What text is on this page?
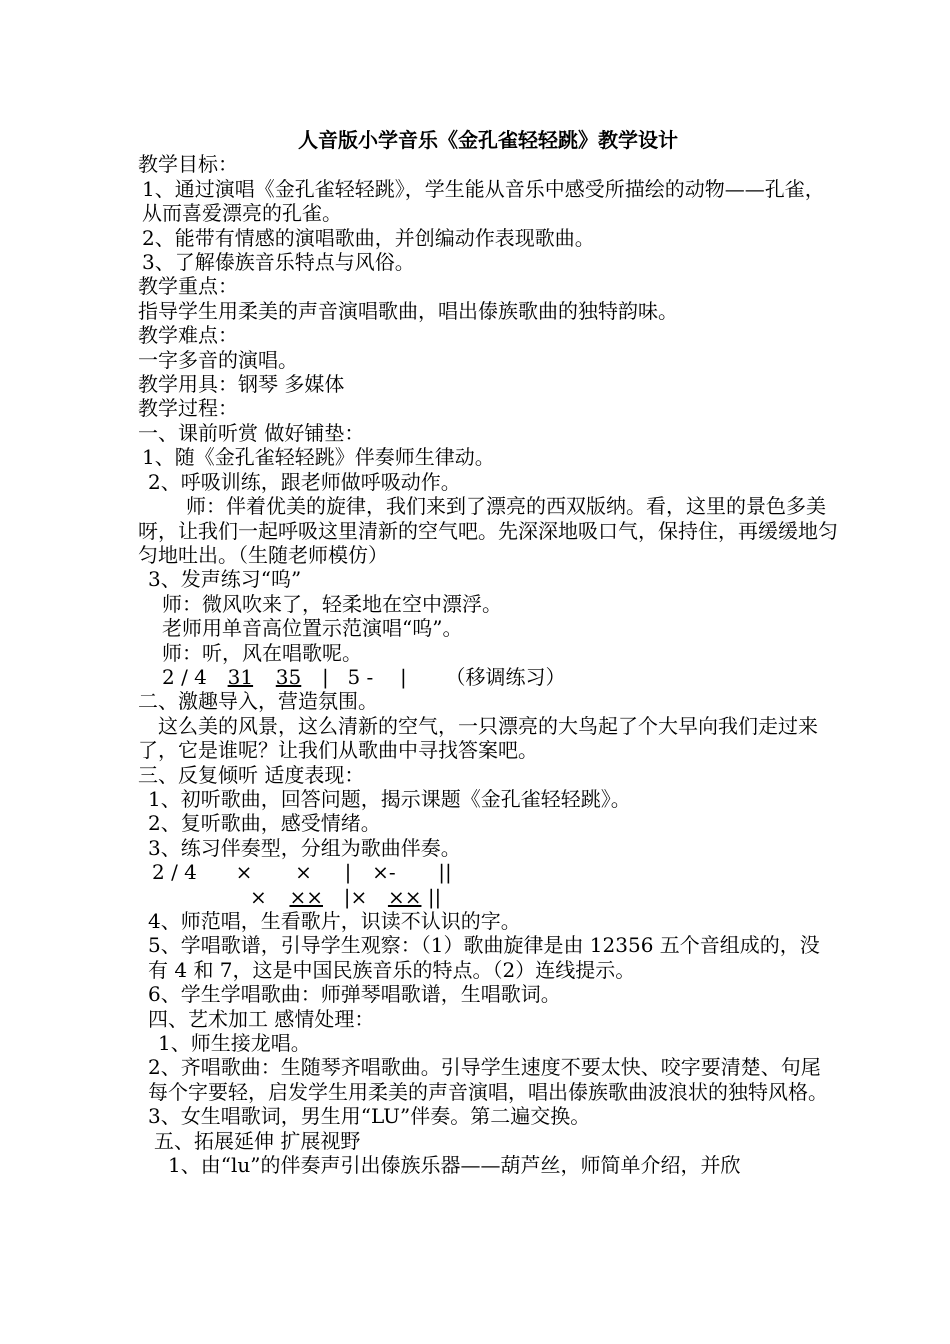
人音版小学音乐《金孔雀轻轻跳》教学设计
教学目标：
1、通过演唱《金孔雀轻轻跳》，学生能从音乐中感受所描绘的动物——孔雀，从而喜爱漂亮的孔雀。
2、能带有情感的演唱歌曲，并创编动作表现歌曲。
3、了解傣族音乐特点与风俗。
教学重点：
指导学生用柔美的声音演唱歌曲，唱出傣族歌曲的独特韵味。
教学难点：
一字多音的演唱。
教学用具：钢琴 多媒体
教学过程：
一、课前听赏 做好铺垫：
1、随《金孔雀轻轻跳》伴奏师生律动。
2、呼吸训练，跟老师做呼吸动作。
师：伴着优美的旋律，我们来到了漂亮的西双版纳。看，这里的景色多美呀，让我们一起呼吸这里清新的空气吧。先深深地吸口气，保持住，再缓缓地匀匀地吐出。（生随老师模仿）
3、发声练习“呜”
师：微风吹来了，轻柔地在空中漂浮。
老师用单音高位置示范演唱“呜”。
师：听，风在唱歌呢。
2 / 4 31 35 | 5 - | （移调练习）
二、激趣导入，营造氛围。
这么美的风景，这么清新的空气，一只漂亮的大鸟起了个大早向我们走过来了，它是谁呢？让我们从歌曲中寻找答案吧。
三、反复倾听 适度表现：
1、初听歌曲，回答问题，揭示课题《金孔雀轻轻跳》。
2、复听歌曲，感受情绪。
3、练习伴奏型，分组为歌曲伴奏。
2 / 4 × × | ×- ||
× ×× |× ×× ||
4、师范唱，生看歌片，识读不认识的字。
5、学唱歌谱，引导学生观察：（1）歌曲旋律是由 12356 五个音组成的，没有 4 和 7，这是中国民族音乐的特点。（2）连线提示。
6、学生学唱歌曲：师弹琴唱歌谱，生唱歌词。
四、艺术加工 感情处理：
1、师生接龙唱。
2、齐唱歌曲：生随琴齐唱歌曲。引导学生速度不要太快、咬字要清楚、句尾每个字要轻，启发学生用柔美的声音演唱，唱出傣族歌曲波浪状的独特风格。
3、女生唱歌词，男生用“LU”伴奏。第二遍交换。
五、拓展延伸 扩展视野
1、由“lu”的伴奏声引出傣族乐器——葫芦丝，师简单介绍，并欣
